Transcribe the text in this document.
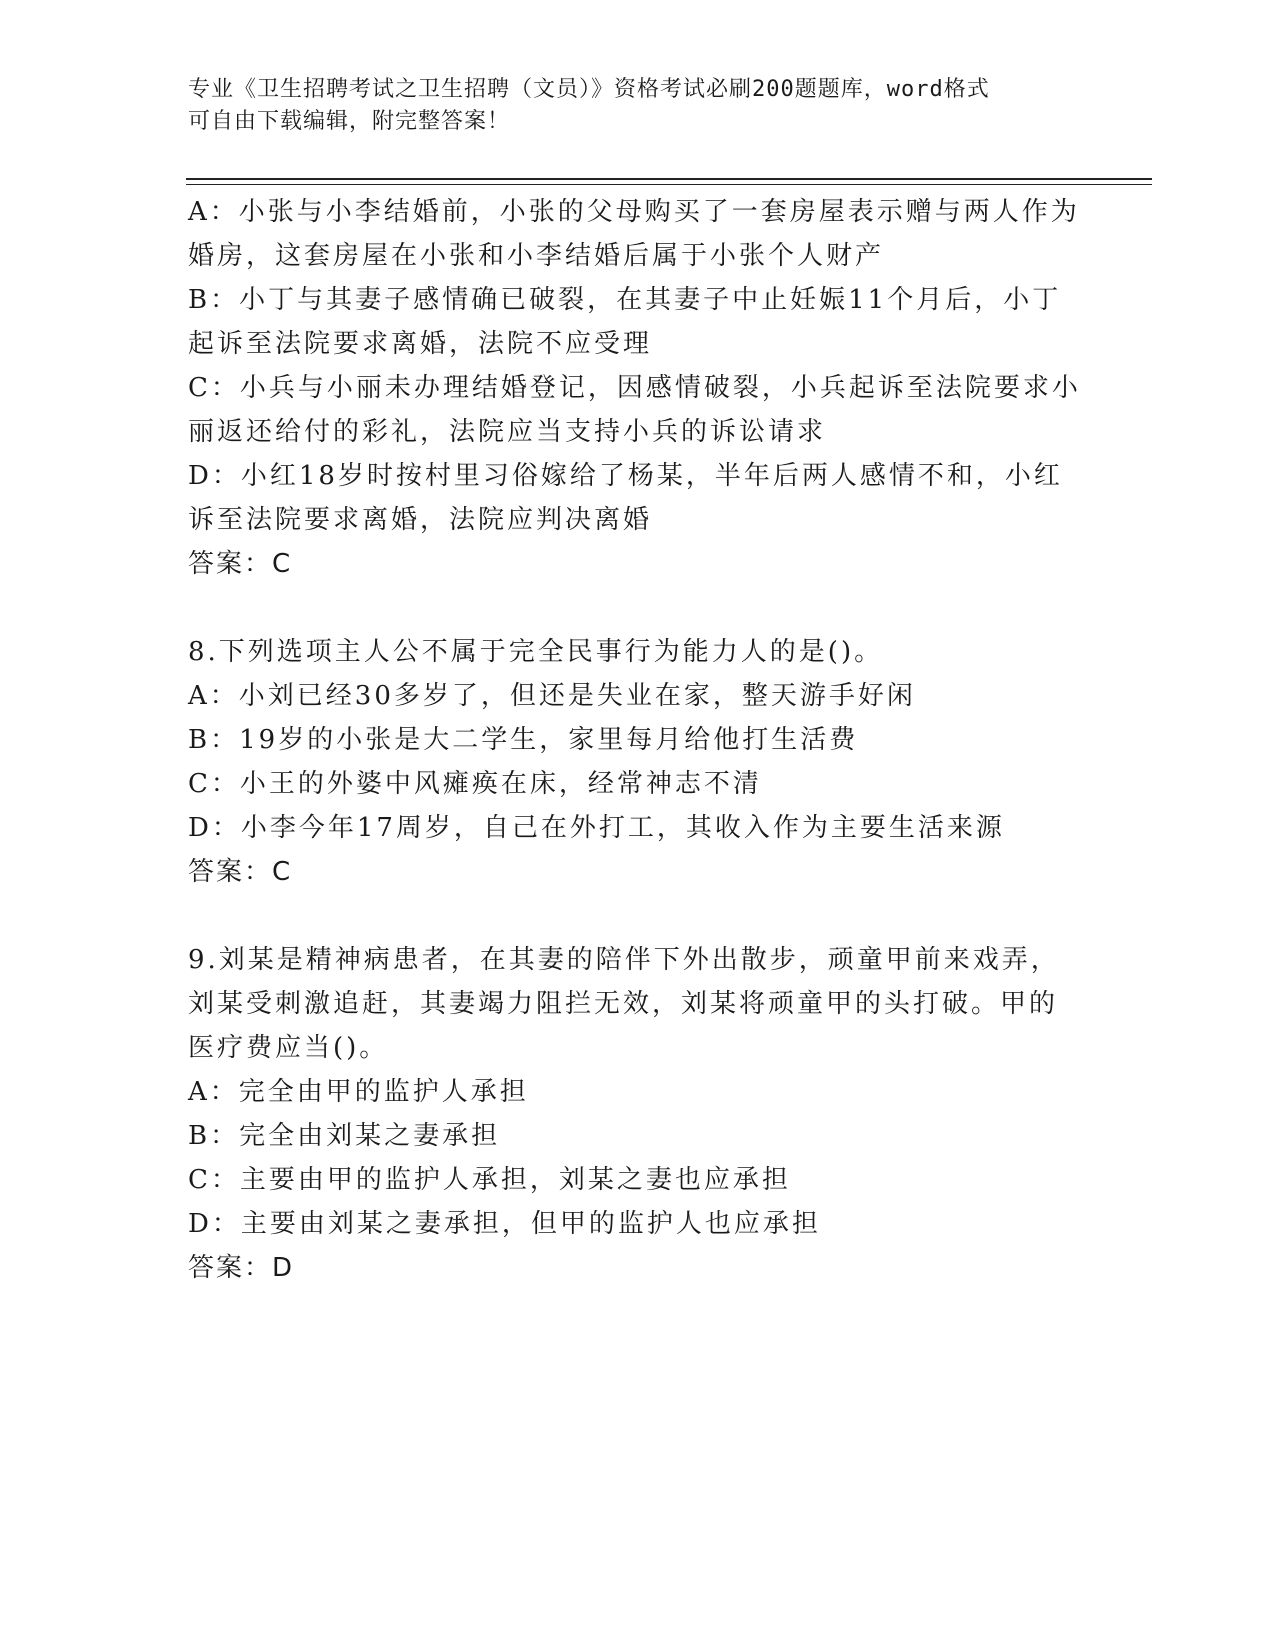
专业《卫生招聘考试之卫生招聘（文员）》资格考试必刷200题题库，word格式
可自由下载编辑，附完整答案！
A：小张与小李结婚前，小张的父母购买了一套房屋表示赠与两人作为
婚房，这套房屋在小张和小李结婚后属于小张个人财产
B：小丁与其妻子感情确已破裂，在其妻子中止妊娠11个月后，小丁
起诉至法院要求离婚，法院不应受理
C：小兵与小丽未办理结婚登记，因感情破裂，小兵起诉至法院要求小
丽返还给付的彩礼，法院应当支持小兵的诉讼请求
D：小红18岁时按村里习俗嫁给了杨某，半年后两人感情不和，小红
诉至法院要求离婚，法院应判决离婚
答案：C
8.下列选项主人公不属于完全民事行为能力人的是()。
A：小刘已经30多岁了，但还是失业在家，整天游手好闲
B：19岁的小张是大二学生，家里每月给他打生活费
C：小王的外婆中风瘫痪在床，经常神志不清
D：小李今年17周岁，自己在外打工，其收入作为主要生活来源
答案：C
9.刘某是精神病患者，在其妻的陪伴下外出散步，顽童甲前来戏弄，
刘某受刺激追赶，其妻竭力阻拦无效，刘某将顽童甲的头打破。甲的
医疗费应当()。
A：完全由甲的监护人承担
B：完全由刘某之妻承担
C：主要由甲的监护人承担，刘某之妻也应承担
D：主要由刘某之妻承担，但甲的监护人也应承担
答案：D
